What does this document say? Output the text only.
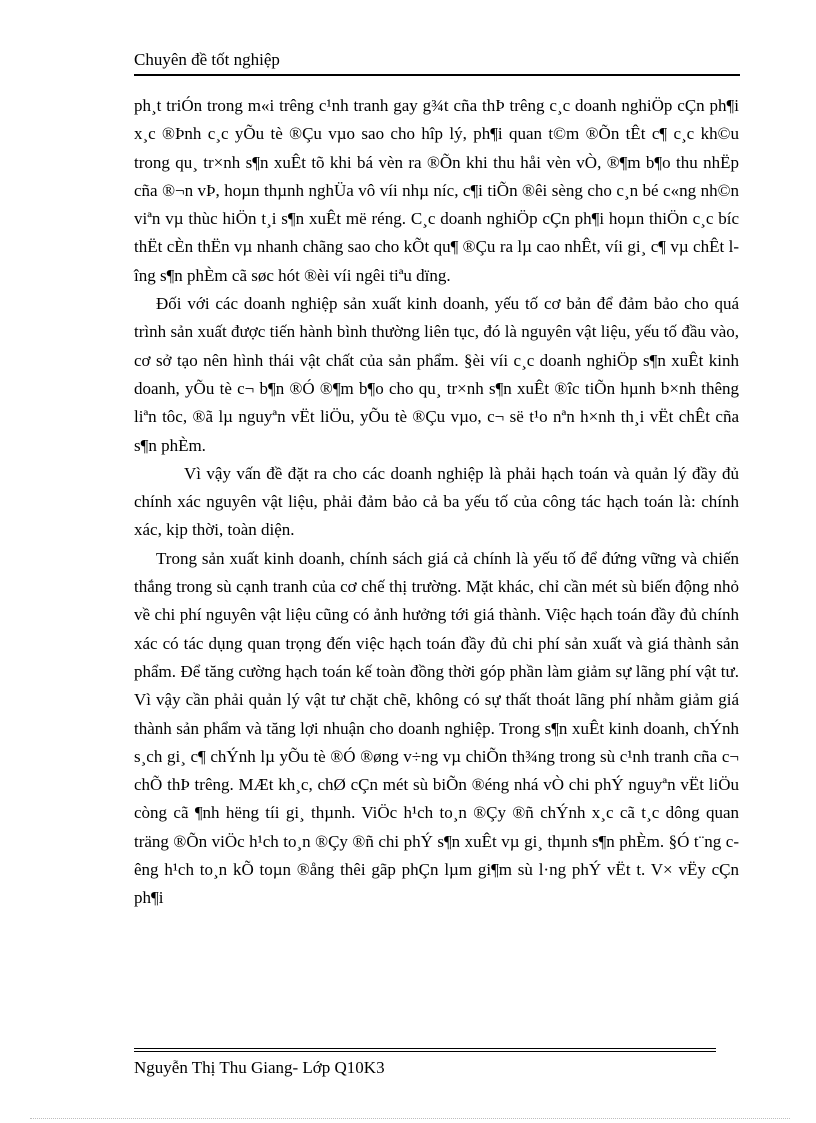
Chuyên đề tốt nghiệp

ph¸t triÓn trong m«i trêng c¹nh tranh gay g¾t cña thÞ trêng c¸c doanh nghiÖp cÇn ph¶i x¸c ®Þnh c¸c yÕu tè ®Çu vµo sao cho hîp lý, ph¶i quan t©m ®Õn tÊt c¶ c¸c kh©u trong qu¸ tr×nh s¶n xuÊt tõ khi bá vèn ra ®Õn khi thu håi vèn vÒ, ®¶m b¶o thu nhËp cña ®¬n vÞ, hoµn thµnh nghÜa vô víi nhµ níc, c¶i tiÕn ®êi sèng cho c¸n bé c«ng nh©n viªn vµ thùc hiÖn t¸i s¶n xuÊt më réng. C¸c doanh nghiÖp cÇn ph¶i hoµn thiÖn c¸c bíc thËt cÈn thËn vµ nhanh chãng sao cho kÕt qu¶ ®Çu ra lµ cao nhÊt, víi gi¸ c¶ vµ chÊt lîng s¶n phÈm cã søc hót ®èi víi ngêi tiªu dïng.

Đối với các doanh nghiệp sản xuất kinh doanh, yếu tố cơ bản để đảm bảo cho quá trình sản xuất được tiến hành bình thường liên tục, đó là nguyên vật liệu, yếu tố đầu vào, cơ sở tạo nên hình thái vật chất của sản phẩm. §èi víi c¸c doanh nghiÖp s¶n xuÊt kinh doanh, yÕu tè c¬ b¶n ®Ó ®¶m b¶o cho qu¸ tr×nh s¶n xuÊt ®îc tiÕn hµnh b×nh thêng liªn tôc, ®ã lµ nguyªn vËt liÖu, yÕu tè ®Çu vµo, c¬ së t¹o nªn h×nh th¸i vËt chÊt cña s¶n phÈm.

Vì vậy vấn đề đặt ra cho các doanh nghiệp là phải hạch toán và quản lý đầy đủ chính xác nguyên vật liệu, phải đảm bảo cả ba yếu tố của công tác hạch toán là: chính xác, kịp thời, toàn diện.

Trong sản xuất kinh doanh, chính sách giá cả chính là yếu tố để đứng vững và chiến thắng trong sù cạnh tranh của cơ chế thị trường. Mặt khác, chỉ cần mét sù biến động nhỏ về chi phí nguyên vật liệu cũng có ảnh hưởng tới giá thành. Việc hạch toán đầy đủ chính xác có tác dụng quan trọng đến việc hạch toán đầy đủ chi phí sản xuất và giá thành sản phẩm. Để tăng cường hạch toán kế toàn đồng thời góp phần làm giảm sự lãng phí vật tư. Vì vậy cần phải quản lý vật tư chặt chẽ, không có sự thất thoát lãng phí nhằm giảm giá thành sản phẩm và tăng lợi nhuận cho doanh nghiệp. Trong s¶n xuÊt kinh doanh, chÝnh s¸ch gi¸ c¶ chÝnh lµ yÕu tè ®Ó ®øng v÷ng vµ chiÕn th¾ng trong sù c¹nh tranh cña c¬ chÕ thÞ trêng. MÆt kh¸c, chØ cÇn mét sù biÕn ®éng nhá vÒ chi phÝ nguyªn vËt liÖu còng cã ¶nh hëng tíi gi¸ thµnh. ViÖc h¹ch to¸n ®Çy ®ñ chÝnh x¸c cã t¸c dông quan träng ®Õn viÖc h¹ch to¸n ®Çy ®ñ chi phÝ s¶n xuÊt vµ gi¸ thµnh s¶n phÈm. §Ó t¨ng cêng h¹ch to¸n kÕ toµn ®ång thêi gãp phÇn lµm gi¶m sù l·ng phÝ vËt t. V× vËy cÇn ph¶i

Nguyễn Thị Thu Giang- Lớp Q10K3
